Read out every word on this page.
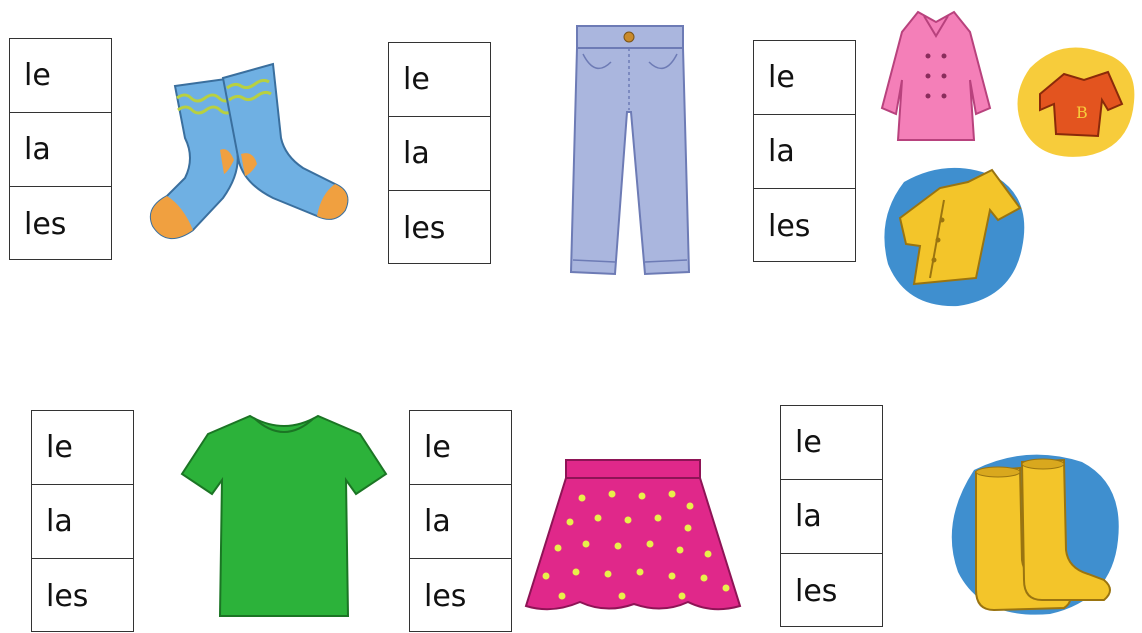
le
la
les
le
la
les
le
la
les
B
le
la
les
le
la
les
le
la
les
